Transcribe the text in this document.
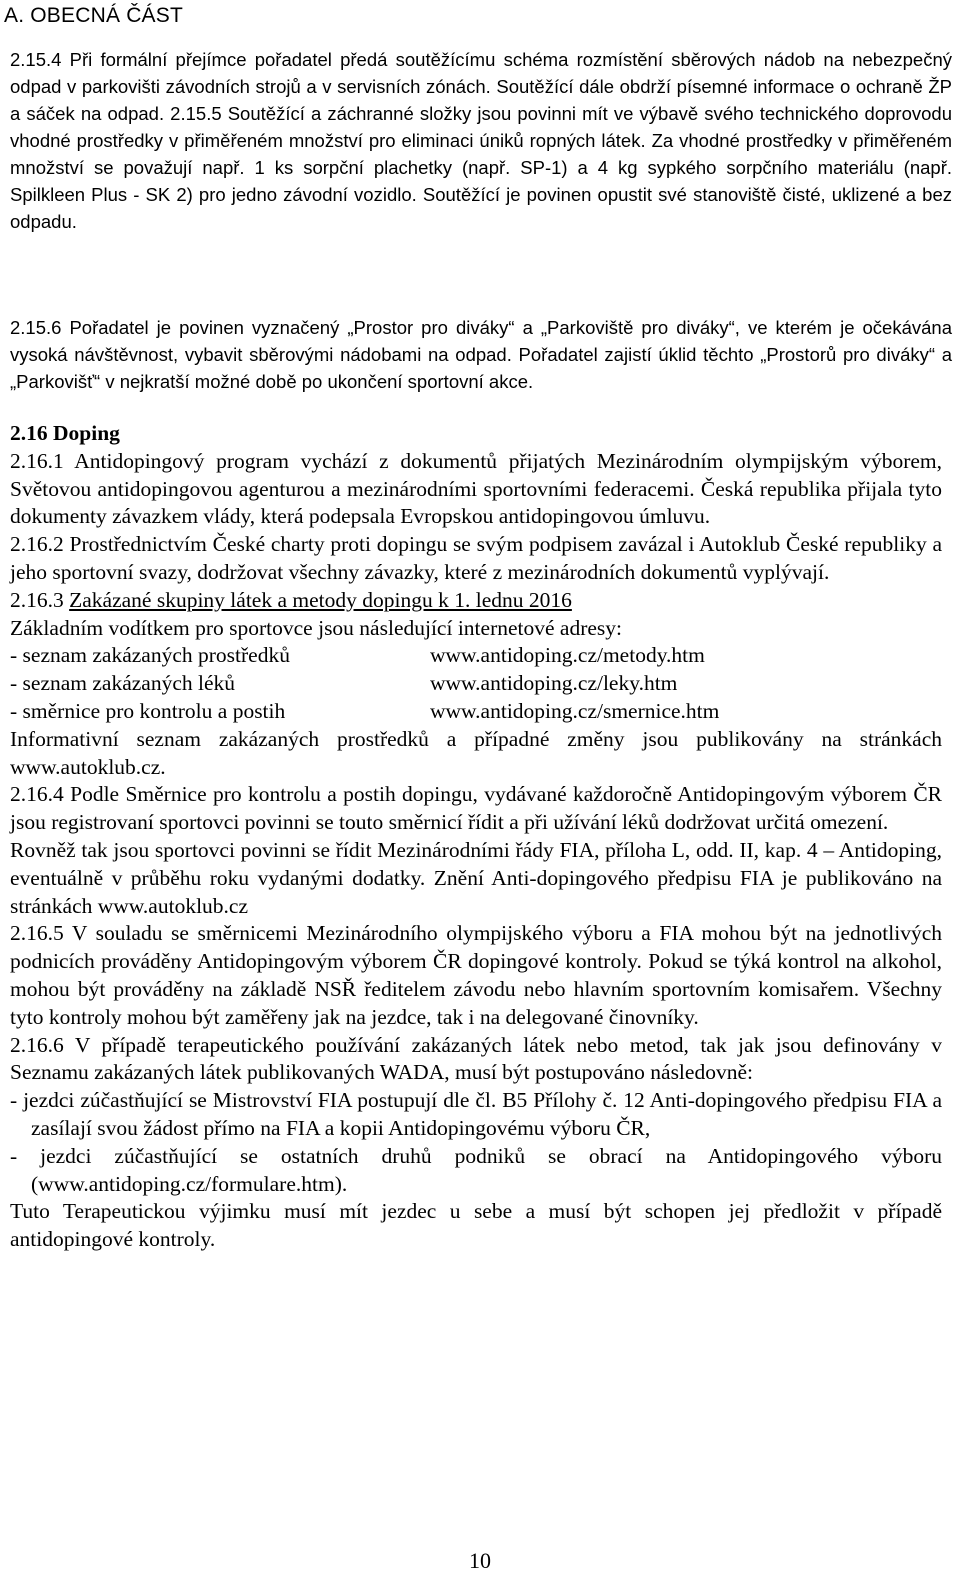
A. OBECNÁ ČÁST

2.15.4 Při formální přejímce pořadatel předá soutěžícímu schéma rozmístění sběrových nádob na nebezpečný odpad v parkovišti závodních strojů a v servisních zónách. Soutěžící dále obdrží písemné informace o ochraně ŽP a sáček na odpad. 2.15.5 Soutěžící a záchranné složky jsou povinni mít ve výbavě svého technického doprovodu vhodné prostředky v přiměřeném množství pro eliminaci úniků ropných látek. Za vhodné prostředky v přiměřeném množství se považují např. 1 ks sorpční plachetky (např. SP-1) a 4 kg sypkého sorpčního materiálu (např. Spilkleen Plus - SK 2) pro jedno závodní vozidlo. Soutěžící je povinen opustit své stanoviště čisté, uklizené a bez odpadu.

2.15.6 Pořadatel je povinen vyznačený „Prostor pro diváky“ a „Parkoviště pro diváky“, ve kterém je očekávána vysoká návštěvnost, vybavit sběrovými nádobami na odpad. Pořadatel zajistí úklid těchto „Prostorů pro diváky“ a „Parkovišť“ v nejkratší možné době po ukončení sportovní akce.

2.16 Doping

2.16.1 Antidopingový program vychází z dokumentů přijatých Mezinárodním olympijským výborem, Světovou antidopingovou agenturou a mezinárodními sportovními federacemi. Česká republika přijala tyto dokumenty závazkem vlády, která podepsala Evropskou antidopingovou úmluvu.

2.16.2 Prostřednictvím České charty proti dopingu se svým podpisem zavázal i Autoklub České republiky a jeho sportovní svazy, dodržovat všechny závazky, které z mezinárodních dokumentů vyplývají.

2.16.3 Zakázané skupiny látek a metody dopingu k 1. lednu 2016

Základním vodítkem pro sportovce jsou následující internetové adresy:

- seznam zakázaných prostředků	www.antidoping.cz/metody.htm
- seznam zakázaných léků	www.antidoping.cz/leky.htm
- směrnice pro kontrolu a postih	www.antidoping.cz/smernice.htm

Informativní seznam zakázaných prostředků a případné změny jsou publikovány na stránkách www.autoklub.cz.

2.16.4 Podle Směrnice pro kontrolu a postih dopingu, vydávané každoročně Antidopingovým výborem ČR jsou registrovaní sportovci povinni se touto směrnicí řídit a při užívání léků dodržovat určitá omezení.

Rovněž tak jsou sportovci povinni se řídit Mezinárodními řády FIA, příloha L, odd. II, kap. 4 – Antidoping, eventuálně v průběhu roku vydanými dodatky. Znění Anti-dopingového předpisu FIA je publikováno na stránkách www.autoklub.cz

2.16.5 V souladu se směrnicemi Mezinárodního olympijského výboru a FIA mohou být na jednotlivých podnicích prováděny Antidopingovým výborem ČR dopingové kontroly. Pokud se týká kontrol na alkohol, mohou být prováděny na základě NSŘ ředitelem závodu nebo hlavním sportovním komisařem. Všechny tyto kontroly mohou být zaměřeny jak na jezdce, tak i na delegované činovníky.

2.16.6 V případě terapeutického používání zakázaných látek nebo metod, tak jak jsou definovány v Seznamu zakázaných látek publikovaných WADA, musí být postupováno následovně:

- jezdci zúčastňující se Mistrovství FIA postupují dle čl. B5 Přílohy č. 12 Anti-dopingového předpisu FIA a zasílají svou žádost přímo na FIA a kopii Antidopingovému výboru ČR,

- jezdci zúčastňující se ostatních druhů podniků se obrací na Antidopingového výboru (www.antidoping.cz/formulare.htm).

Tuto Terapeutickou výjimku musí mít jezdec u sebe a musí být schopen jej předložit v případě antidopingové kontroly.

10
